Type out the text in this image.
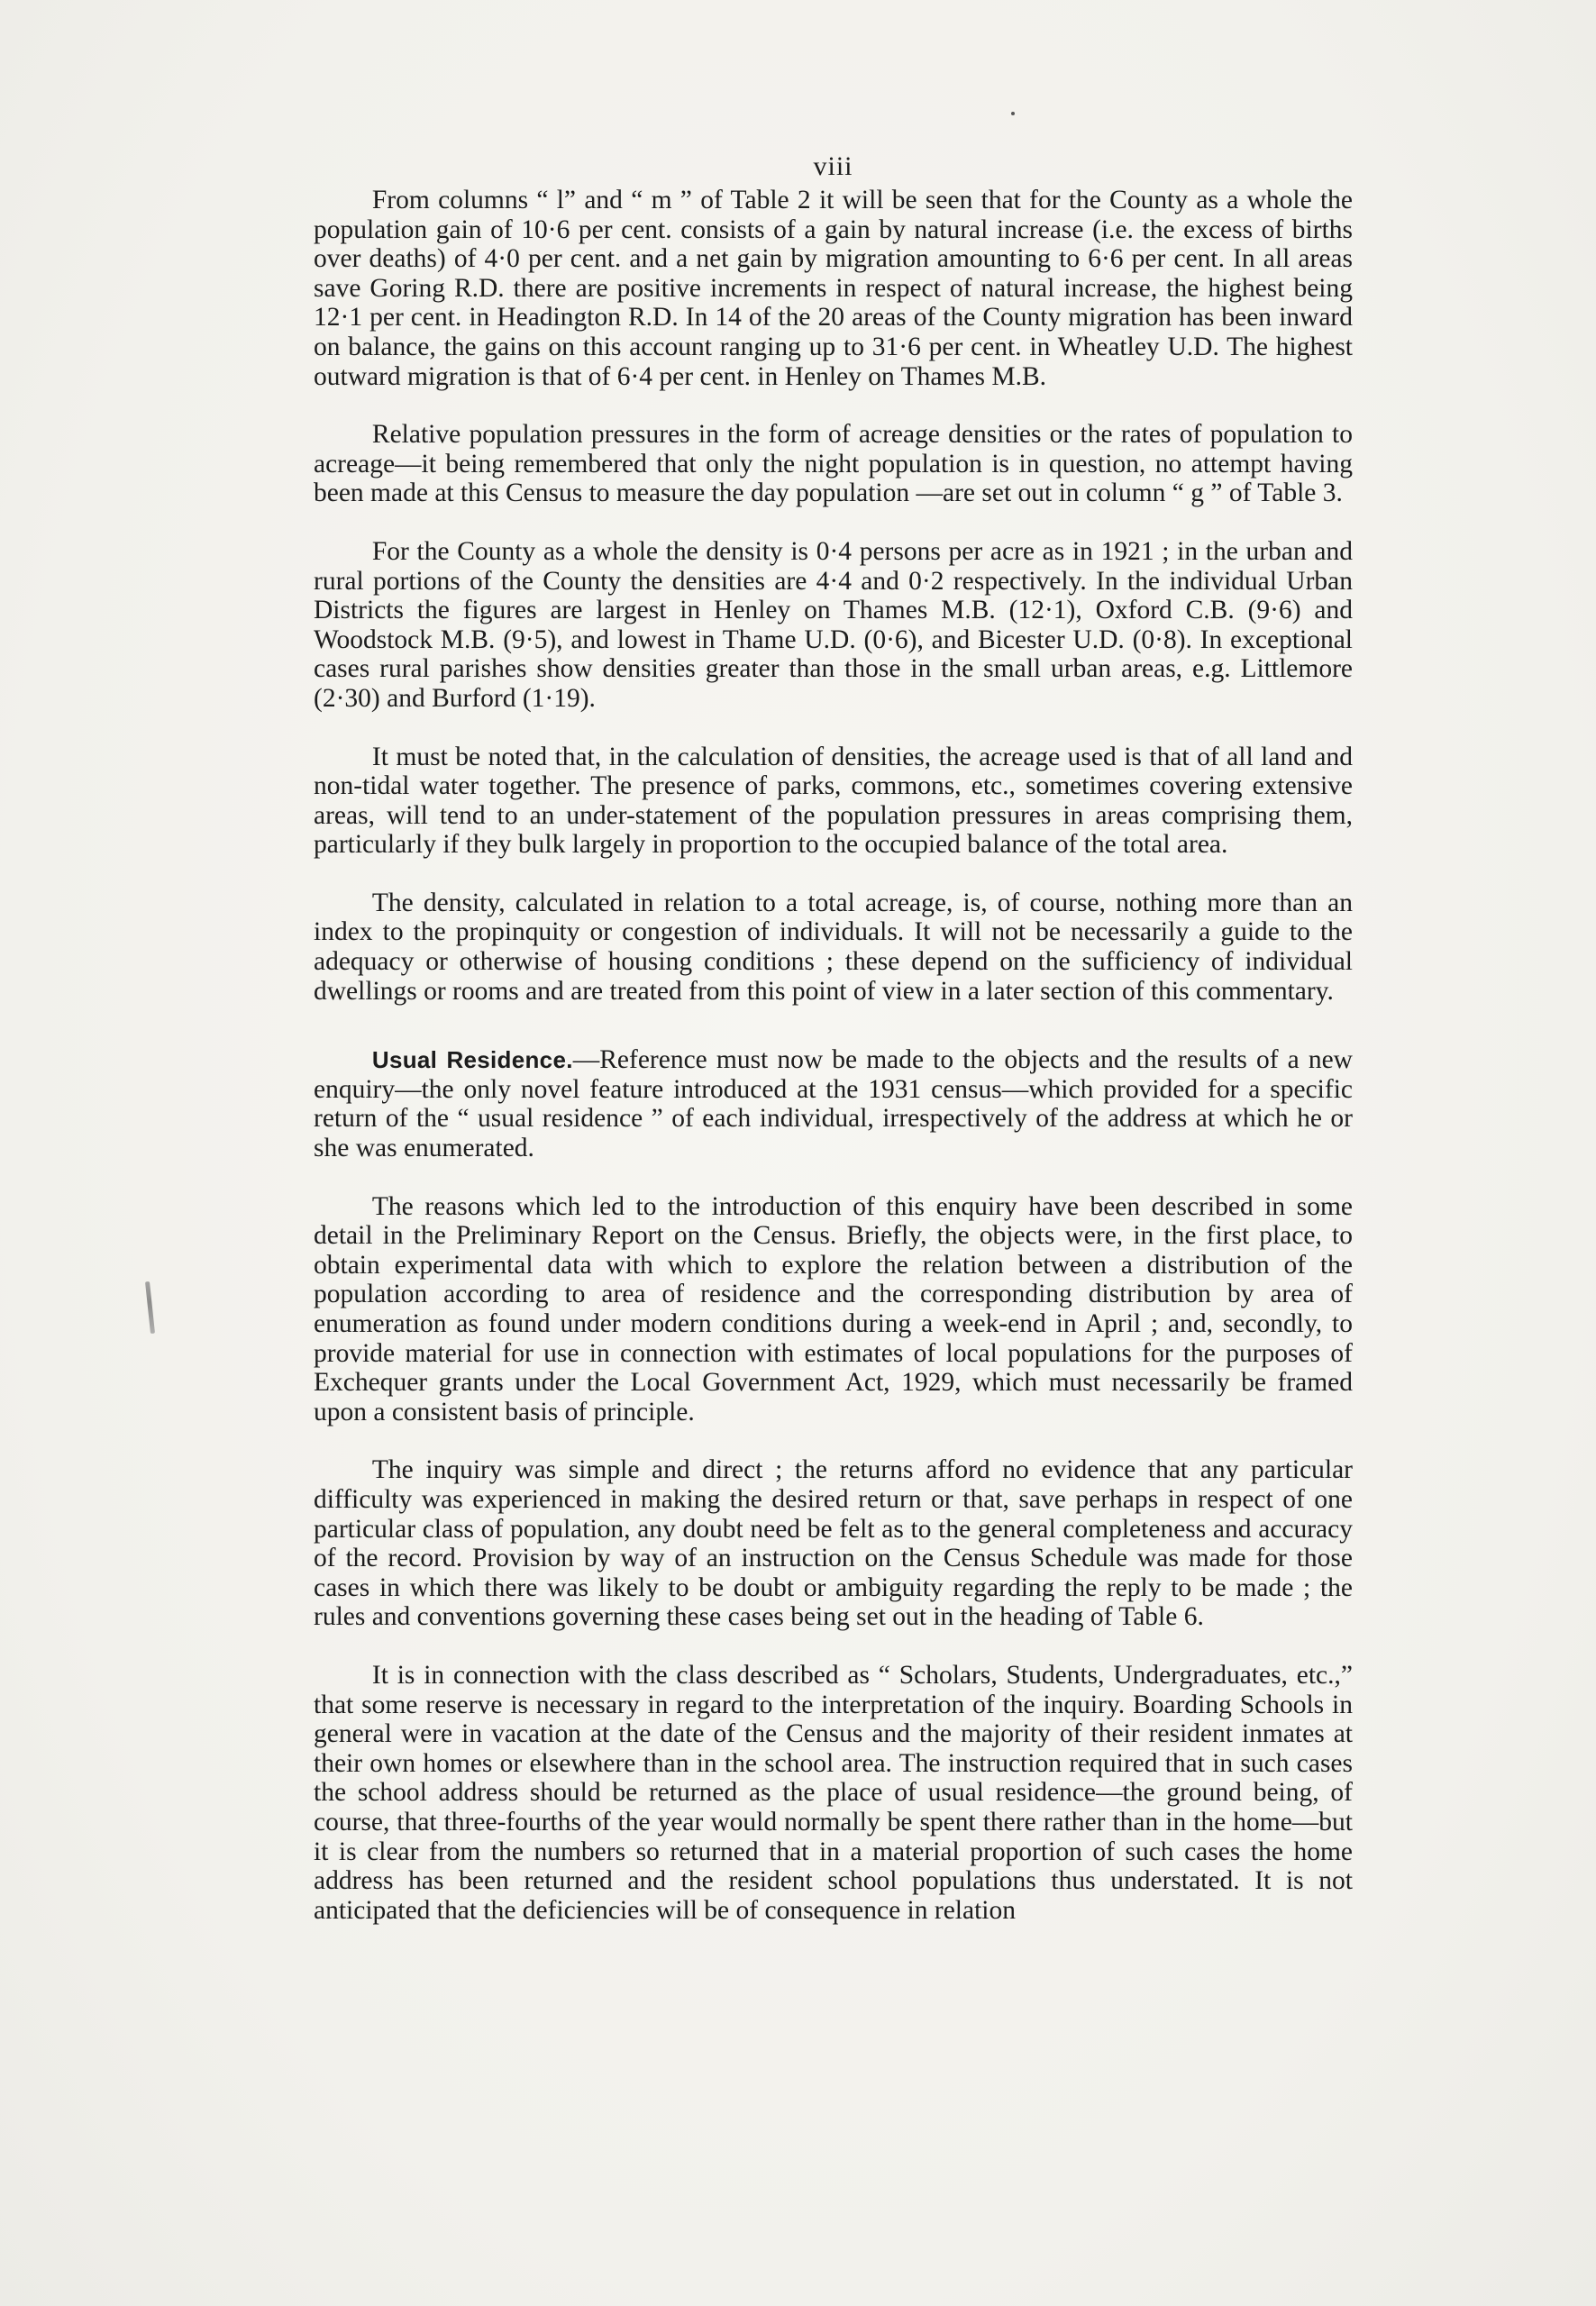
viii

From columns “ l” and “ m ” of Table 2 it will be seen that for the County as a whole the population gain of 10·6 per cent. consists of a gain by natural increase (i.e. the excess of births over deaths) of 4·0 per cent. and a net gain by migration amounting to 6·6 per cent. In all areas save Goring R.D. there are positive increments in respect of natural increase, the highest being 12·1 per cent. in Headington R.D. In 14 of the 20 areas of the County migration has been inward on balance, the gains on this account ranging up to 31·6 per cent. in Wheatley U.D. The highest outward migration is that of 6·4 per cent. in Henley on Thames M.B.

Relative population pressures in the form of acreage densities or the rates of population to acreage—it being remembered that only the night population is in question, no attempt having been made at this Census to measure the day population —are set out in column “ g ” of Table 3.

For the County as a whole the density is 0·4 persons per acre as in 1921 ; in the urban and rural portions of the County the densities are 4·4 and 0·2 respectively. In the individual Urban Districts the figures are largest in Henley on Thames M.B. (12·1), Oxford C.B. (9·6) and Woodstock M.B. (9·5), and lowest in Thame U.D. (0·6), and Bicester U.D. (0·8). In exceptional cases rural parishes show densities greater than those in the small urban areas, e.g. Littlemore (2·30) and Burford (1·19).

It must be noted that, in the calculation of densities, the acreage used is that of all land and non-tidal water together. The presence of parks, commons, etc., sometimes covering extensive areas, will tend to an under-statement of the population pressures in areas comprising them, particularly if they bulk largely in proportion to the occupied balance of the total area.

The density, calculated in relation to a total acreage, is, of course, nothing more than an index to the propinquity or congestion of individuals. It will not be necessarily a guide to the adequacy or otherwise of housing conditions ; these depend on the sufficiency of individual dwellings or rooms and are treated from this point of view in a later section of this commentary.

Usual Residence.—Reference must now be made to the objects and the results of a new enquiry—the only novel feature introduced at the 1931 census—which provided for a specific return of the “ usual residence ” of each individual, irrespectively of the address at which he or she was enumerated.

The reasons which led to the introduction of this enquiry have been described in some detail in the Preliminary Report on the Census. Briefly, the objects were, in the first place, to obtain experimental data with which to explore the relation between a distribution of the population according to area of residence and the corresponding distribution by area of enumeration as found under modern conditions during a week-end in April ; and, secondly, to provide material for use in connection with estimates of local populations for the purposes of Exchequer grants under the Local Government Act, 1929, which must necessarily be framed upon a consistent basis of principle.

The inquiry was simple and direct ; the returns afford no evidence that any particular difficulty was experienced in making the desired return or that, save perhaps in respect of one particular class of population, any doubt need be felt as to the general completeness and accuracy of the record. Provision by way of an instruction on the Census Schedule was made for those cases in which there was likely to be doubt or ambiguity regarding the reply to be made ; the rules and conventions governing these cases being set out in the heading of Table 6.

It is in connection with the class described as “ Scholars, Students, Undergraduates, etc.,” that some reserve is necessary in regard to the interpretation of the inquiry. Boarding Schools in general were in vacation at the date of the Census and the majority of their resident inmates at their own homes or elsewhere than in the school area. The instruction required that in such cases the school address should be returned as the place of usual residence—the ground being, of course, that three-fourths of the year would normally be spent there rather than in the home—but it is clear from the numbers so returned that in a material proportion of such cases the home address has been returned and the resident school populations thus understated. It is not anticipated that the deficiencies will be of consequence in relation
